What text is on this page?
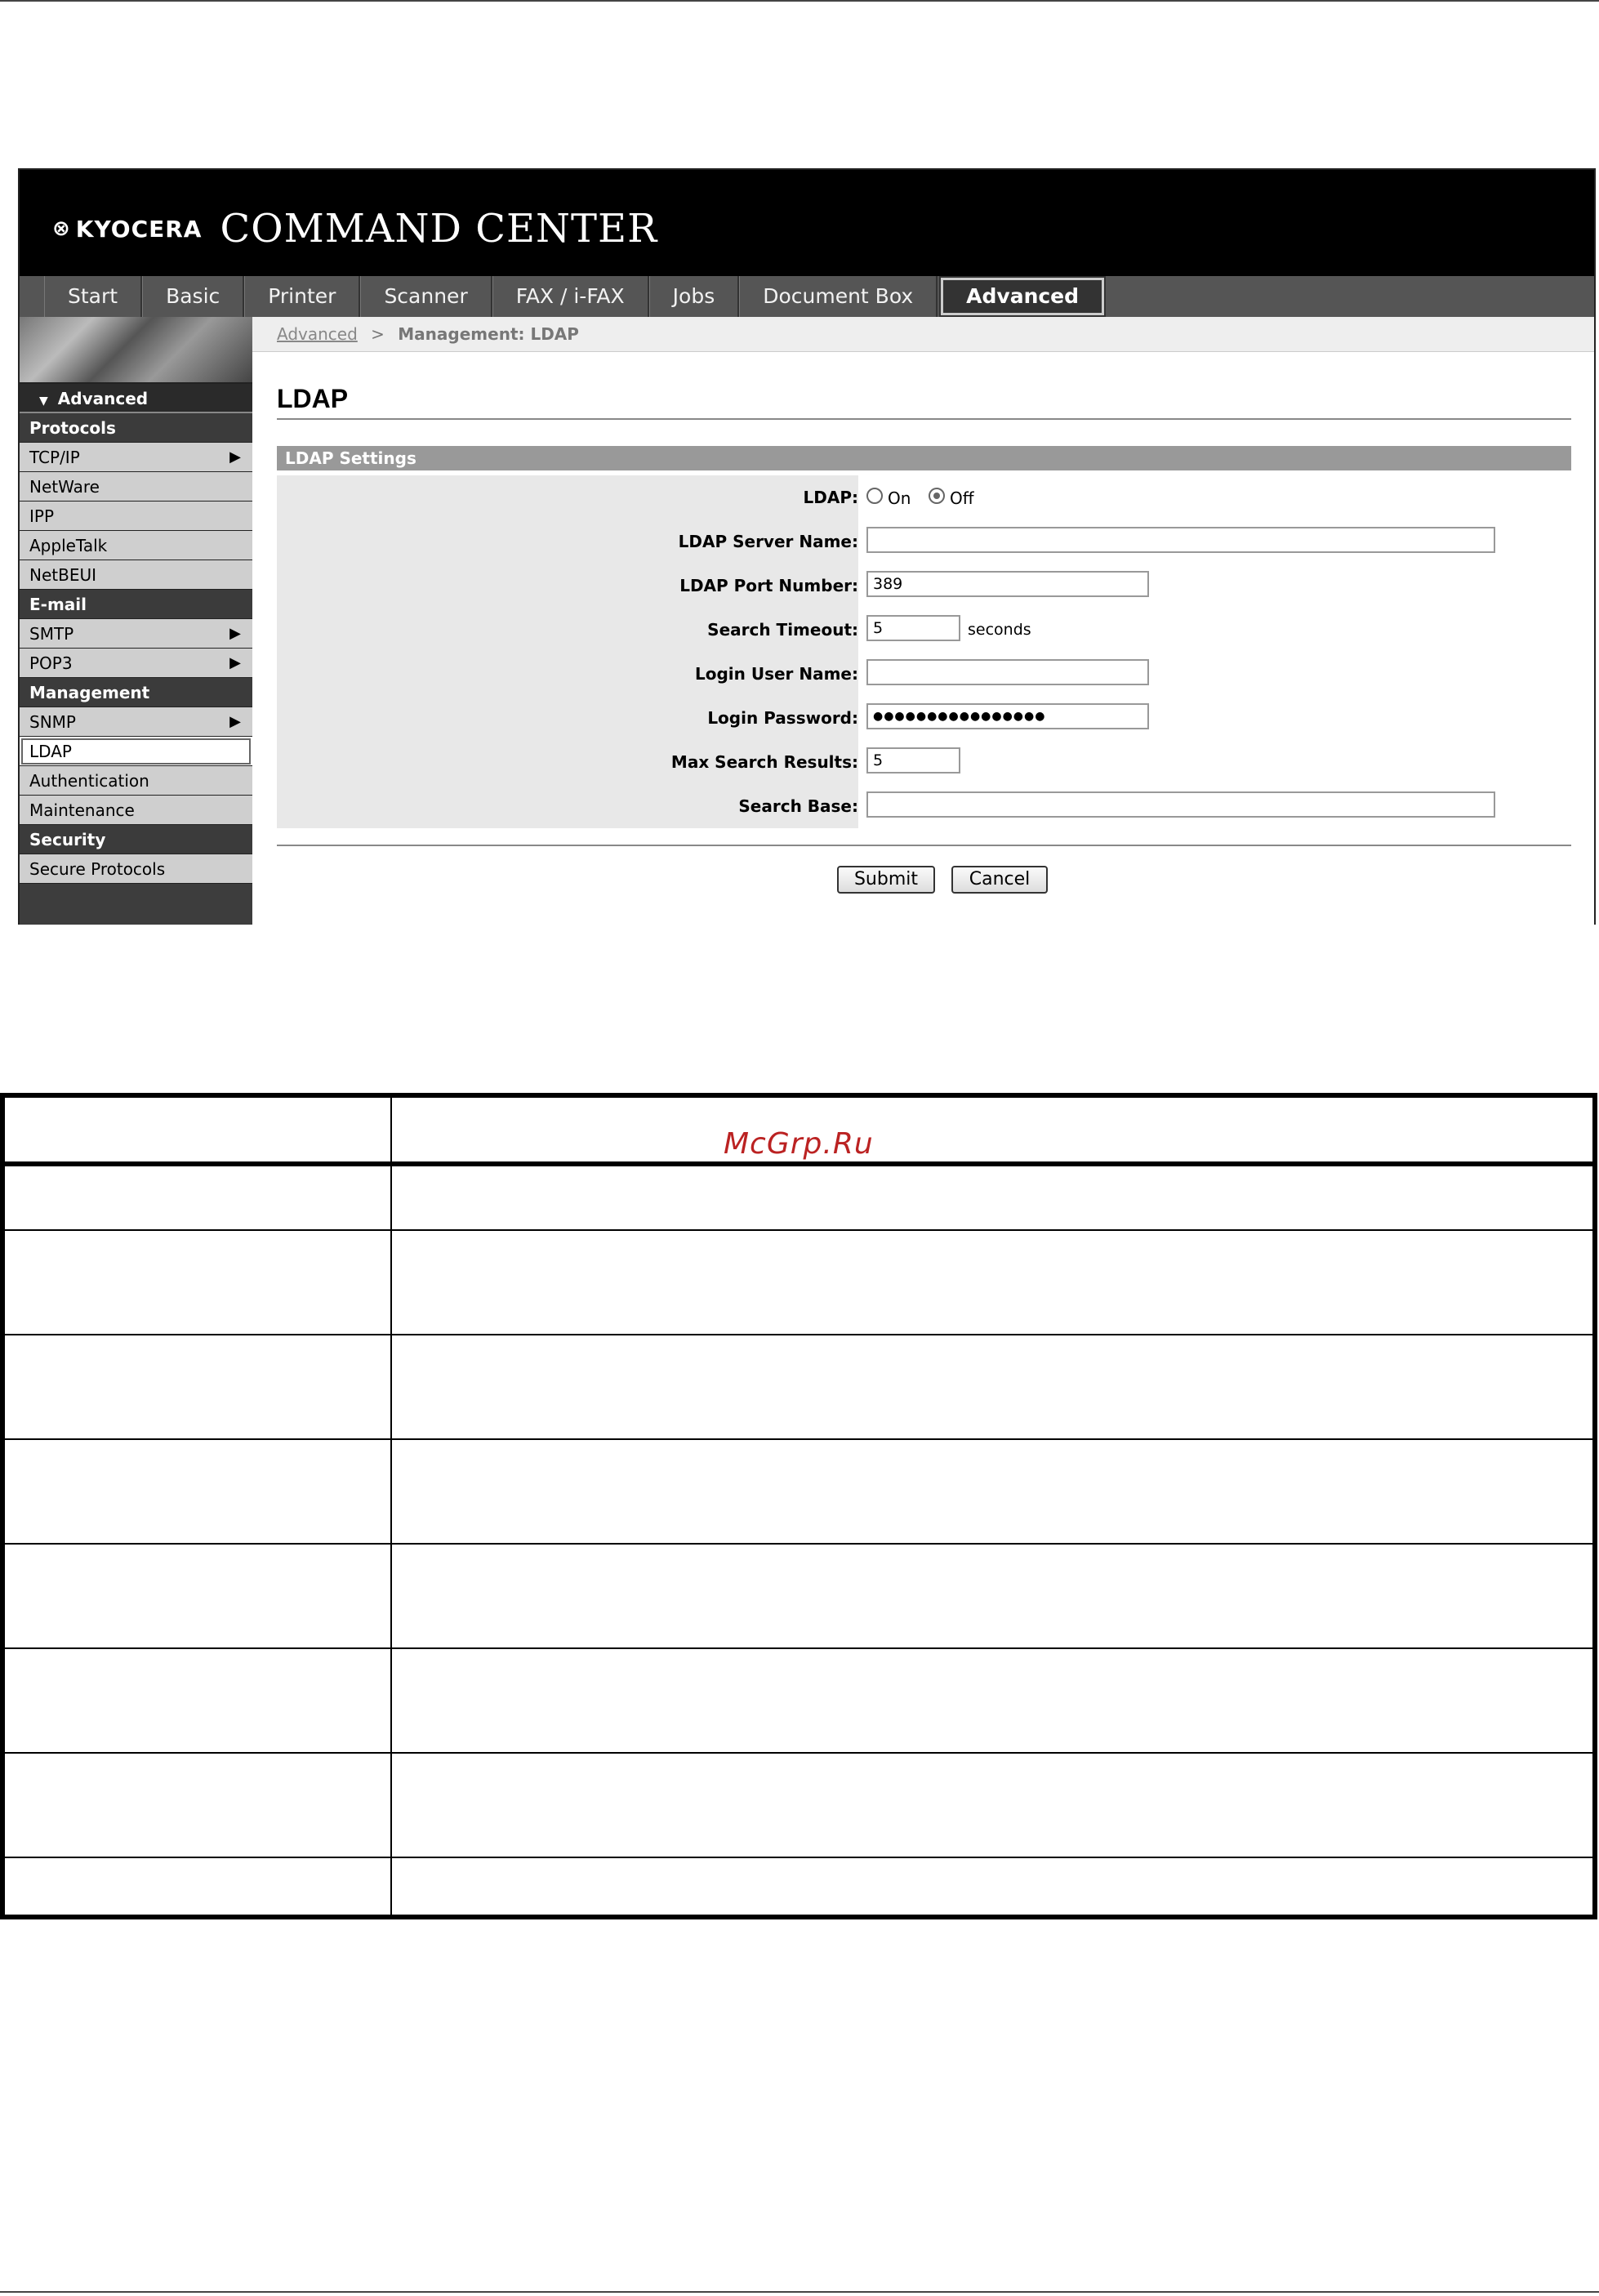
⊗ KYOCERA COMMAND CENTER
Start	Basic	Printer	Scanner	FAX / i-FAX	Jobs	Document Box	Advanced
▼ Advanced
Protocols
TCP/IP	▶
NetWare
IPP
AppleTalk
NetBEUI
E-mail
SMTP	▶
POP3	▶
Management
SNMP	▶
LDAP
Authentication
Maintenance
Security
Secure Protocols
Advanced > Management: LDAP
LDAP
LDAP Settings
LDAP: On Off
LDAP Server Name:
LDAP Port Number: 389
Search Timeout: 5	seconds
Login User Name:
Login Password:	●●●●●●●●●●●●●●●●
Max Search Results: 5
Search Base:
Submit	Cancel
McGrp.Ru
